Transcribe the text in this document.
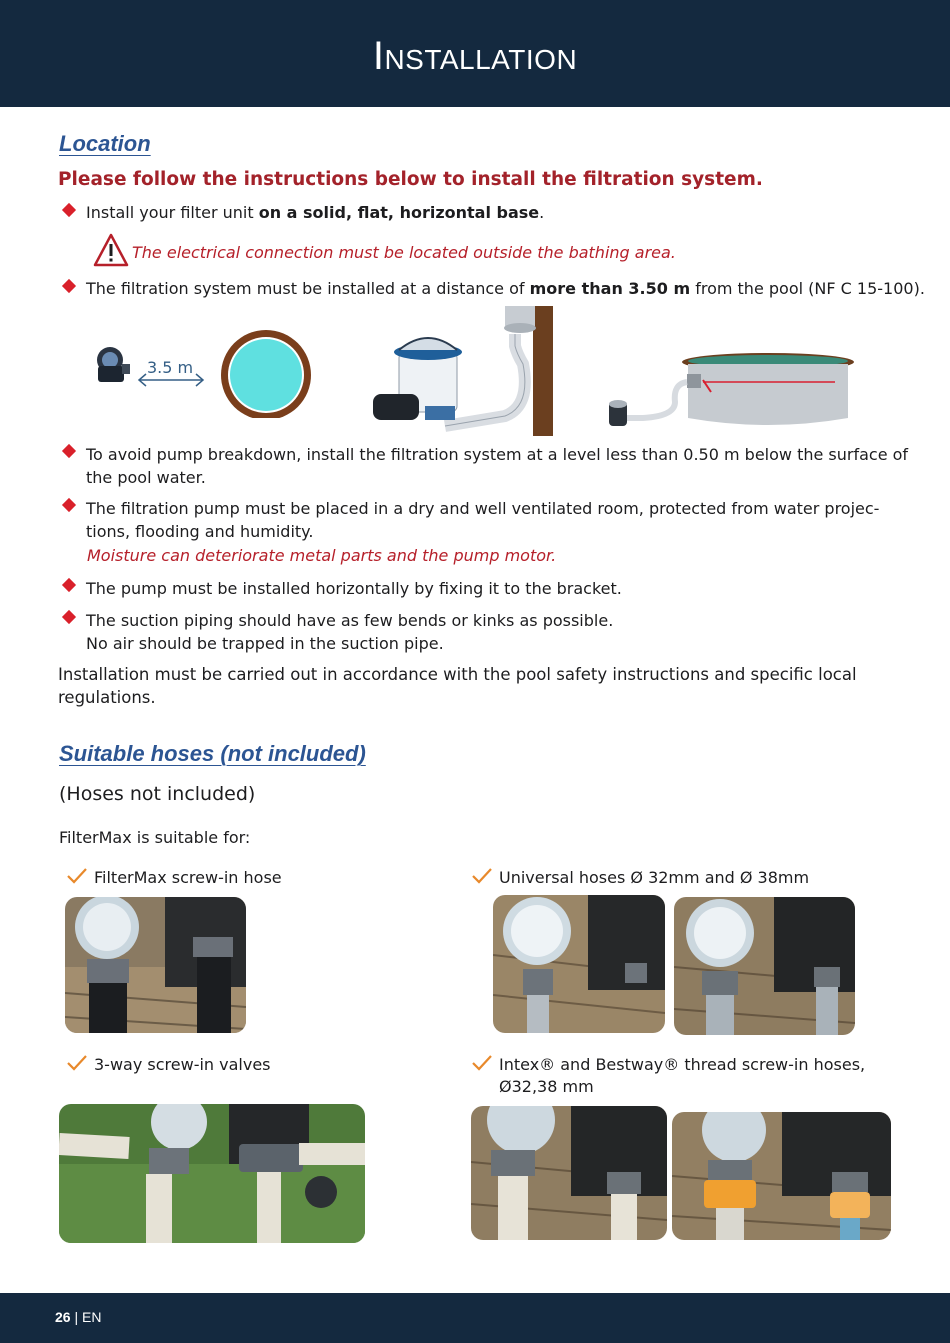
Installation
Location
Please follow the instructions below to install the filtration system.
Install your filter unit on a solid, flat, horizontal base.
The electrical connection must be located outside the bathing area.
The filtration system must be installed at a distance of more than 3.50 m from the pool (NF C 15-100).
3.5 m
To avoid pump breakdown, install the filtration system at a level less than 0.50 m below the surface of
the pool water.
The filtration pump must be placed in a dry and well ventilated room, protected from water projec-
tions, flooding and humidity.
Moisture can deteriorate metal parts and the pump motor.
The pump must be installed horizontally by fixing it to the bracket.
The suction piping should have as few bends or kinks as possible.
No air should be trapped in the suction pipe.
Installation must be carried out in accordance with the pool safety instructions and specific local
regulations.
Suitable hoses (not included)
(Hoses not included)
FilterMax is suitable for:
FilterMax screw-in hose	Universal hoses Ø 32mm and Ø 38mm
3-way screw-in valves	Intex® and Bestway® thread screw-in hoses,
Ø32,38 mm
26 | EN
